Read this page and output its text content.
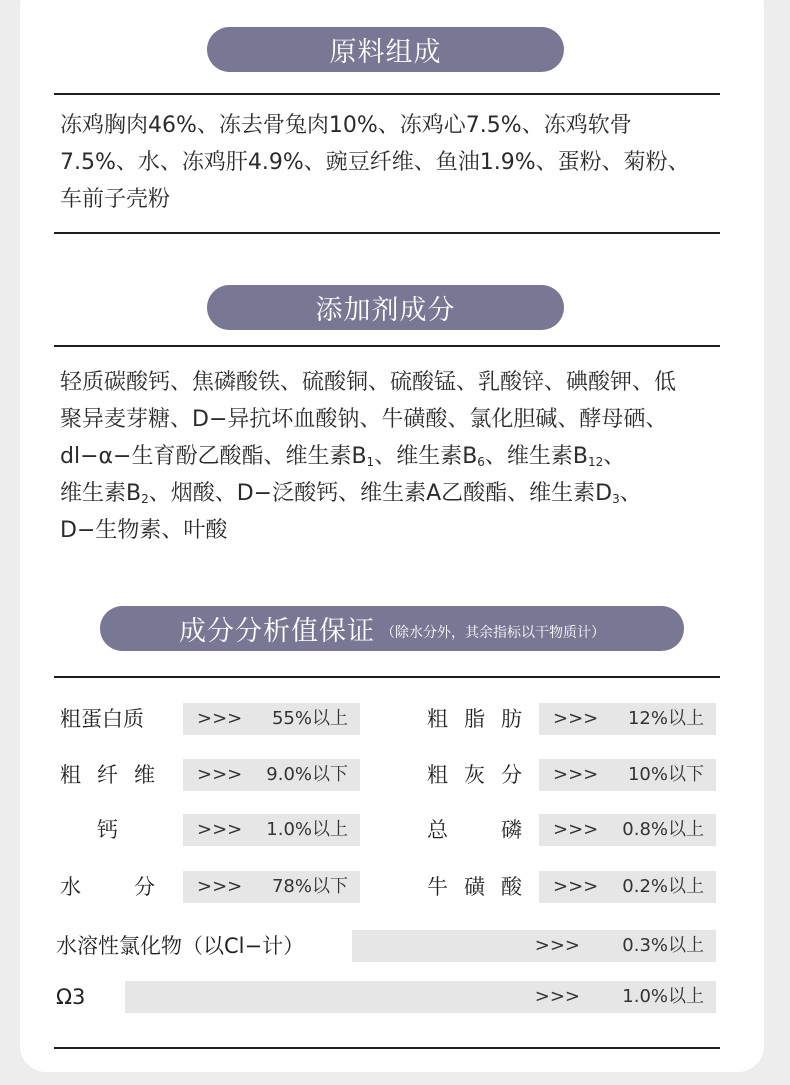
原料组成
冻鸡胸肉46%、冻去骨兔肉10%、冻鸡心7.5%、冻鸡软骨
7.5%、水、冻鸡肝4.9%、豌豆纤维、鱼油1.9%、蛋粉、菊粉、
车前子壳粉
添加剂成分
轻质碳酸钙、焦磷酸铁、硫酸铜、硫酸锰、乳酸锌、碘酸钾、低
聚异麦芽糖、D−异抗坏血酸钠、牛磺酸、氯化胆碱、酵母硒、
dl−α−生育酚乙酸酯、维生素$B_1$、维生素$B_6$、维生素$B_{12}$、
维生素$B_2$、烟酸、D−泛酸钙、维生素A乙酸酯、维生素$D_3$、
D−生物素、叶酸
成分分析值保证 （除水分外，其余指标以干物质计）
粗蛋白质	>>> 55%以上	粗 脂 肪 >>> 12%以上
粗 纤 维 >>> 9.0%以下	粗 灰 分 >>> 10%以下
钙	>>> 1.0%以上	总	磷 >>> 0.8%以上
水	分 >>> 78%以下	牛 磺 酸 >>> 0.2%以上
水溶性氯化物（以Cl−计）	>>> 0.3%以上
Ω3	>>> 1.0%以上
